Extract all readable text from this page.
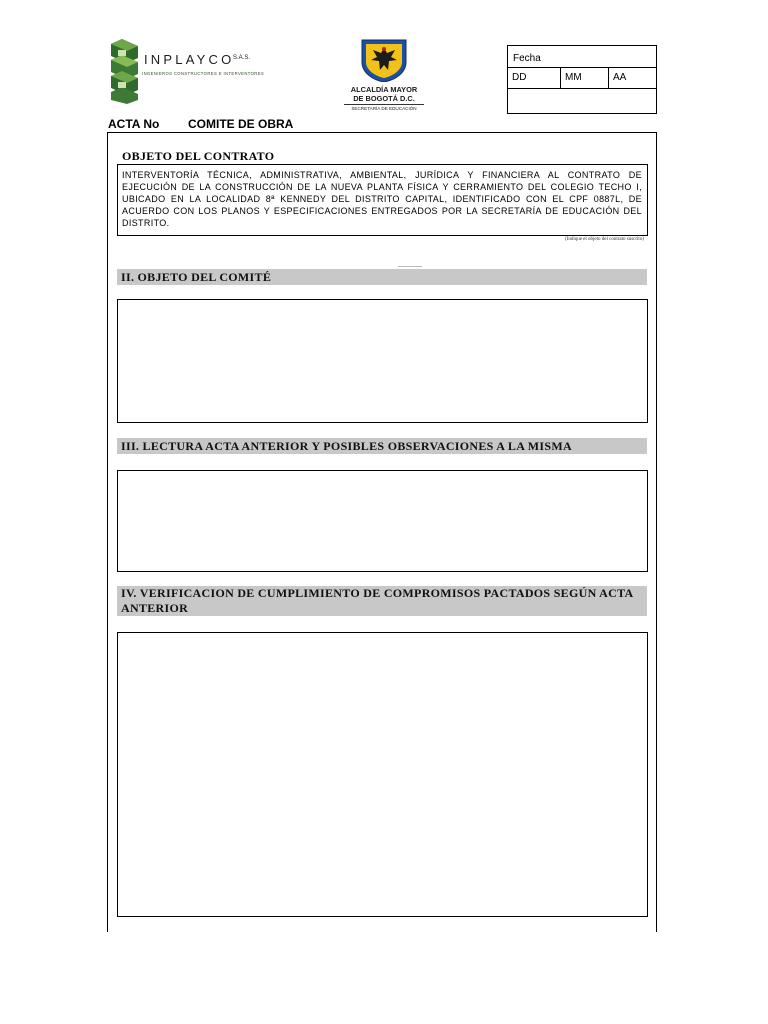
INPLAYCO
S.A.S.
INGENIEROS CONSTRUCTORES E INTERVENTORES
ALCALDÍA MAYOR
DE BOGOTÁ D.C.
SECRETARÍA DE EDUCACIÓN
Fecha
DD	MM	AA
ACTA No COMITE DE OBRA
OBJETO DEL CONTRATO
INTERVENTORÍA TÉCNICA, ADMINISTRATIVA, AMBIENTAL, JURÍDICA Y FINANCIERA AL CONTRATO DE EJECUCIÓN DE LA CONSTRUCCIÓN DE LA NUEVA PLANTA FÍSICA Y CERRAMIENTO DEL COLEGIO TECHO I, UBICADO EN LA LOCALIDAD 8ª KENNEDY DEL DISTRITO CAPITAL, IDENTIFICADO CON EL CPF 0887L, DE ACUERDO CON LOS PLANOS Y ESPECIFICACIONES ENTREGADOS POR LA SECRETARÍA DE EDUCACIÓN DEL DISTRITO.
(Indique el objeto del contrato suscrito)
II. OBJETO DEL COMITÉ
III. LECTURA ACTA ANTERIOR Y POSIBLES OBSERVACIONES A LA MISMA
IV. VERIFICACION DE CUMPLIMIENTO DE COMPROMISOS PACTADOS SEGÚN ACTA ANTERIOR
